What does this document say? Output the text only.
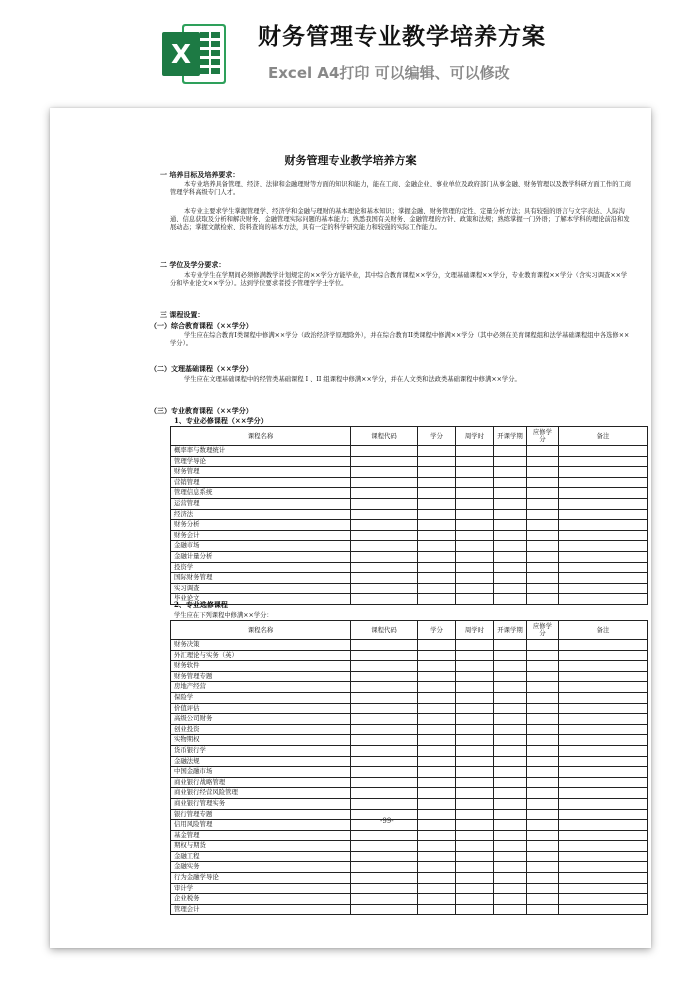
X
财务管理专业教学培养方案
Excel A4打印 可以编辑、可以修改
财务管理专业教学培养方案
一 培养目标及培养要求：
本专业培养具备管理、经济、法律和金融理财等方面的知识和能力，能在工商、金融企业、事业单位及政府部门从事金融、财务管理以及教学科研方面工作的工商管理学科高级专门人才。
本专业主要求学生掌握管理学、经济学和金融与理财的基本理论和基本知识；掌握金融、财务管理的定性、定量分析方法；具有较强的语言与文字表达、人际沟通、信息获取及分析和解决财务、金融管理实际问题的基本能力；熟悉我国有关财务、金融管理的方针、政策和法规；熟练掌握一门外语；了解本学科的理论前沿和发展动态；掌握文献检索、资料查询的基本方法，具有一定的科学研究能力和较强的实际工作能力。
二 学位及学分要求：
本专业学生在学期间必须修满教学计划规定的××学分方能毕业，其中综合教育课程××学分，文理基础课程××学分，专业教育课程××学分（含实习调查××学分和毕业论文××学分）。达到学位要求者授予管理学学士学位。
三 课程设置：
（一）综合教育课程（××学分）
学生应在综合教育I类课程中修满××学分（政治经济学原理除外），并在综合教育II类课程中修满××学分（其中必须在美育课程组和法学基础课程组中各选修××学分）。
（二）文理基础课程（××学分）
学生应在文理基础课程中的经管类基础课程 I 、II 组课程中修满××学分，并在人文类和法政类基础课程中修满××学分。
（三）专业教育课程（××学分）
1、专业必修课程（××学分）
课程名称	课程代码	学分	周学时	开课学期	应修学分	备注
概率率与数理统计						
管理学导论						
财务管理						
营销管理						
管理信息系统						
运营管理						
经济法						
财务分析						
财务会计						
金融市场						
金融计量分析						
投资学						
国际财务管理						
实习调查						
毕业论文						
2、专业选修课程
学生应在下列课程中修满××学分：
课程名称	课程代码	学分	周学时	开课学期	应修学分	备注
财务决策						
外汇理论与实务（英）						
财务软件						
财务管理专题						
房地产经营						
保险学						
价值评估						
高级公司财务						
创业投资						
实物期权						
货币银行学						
金融法规						
中国金融市场						
商业银行战略管理						
商业银行经营风险管理						
商业银行管理实务						
银行管理专题						
信用风险管理						
基金管理						
期权与期货						
金融工程						
金融实务						
行为金融学导论						
审计学						
企业税务						
管理会计						
-99-
